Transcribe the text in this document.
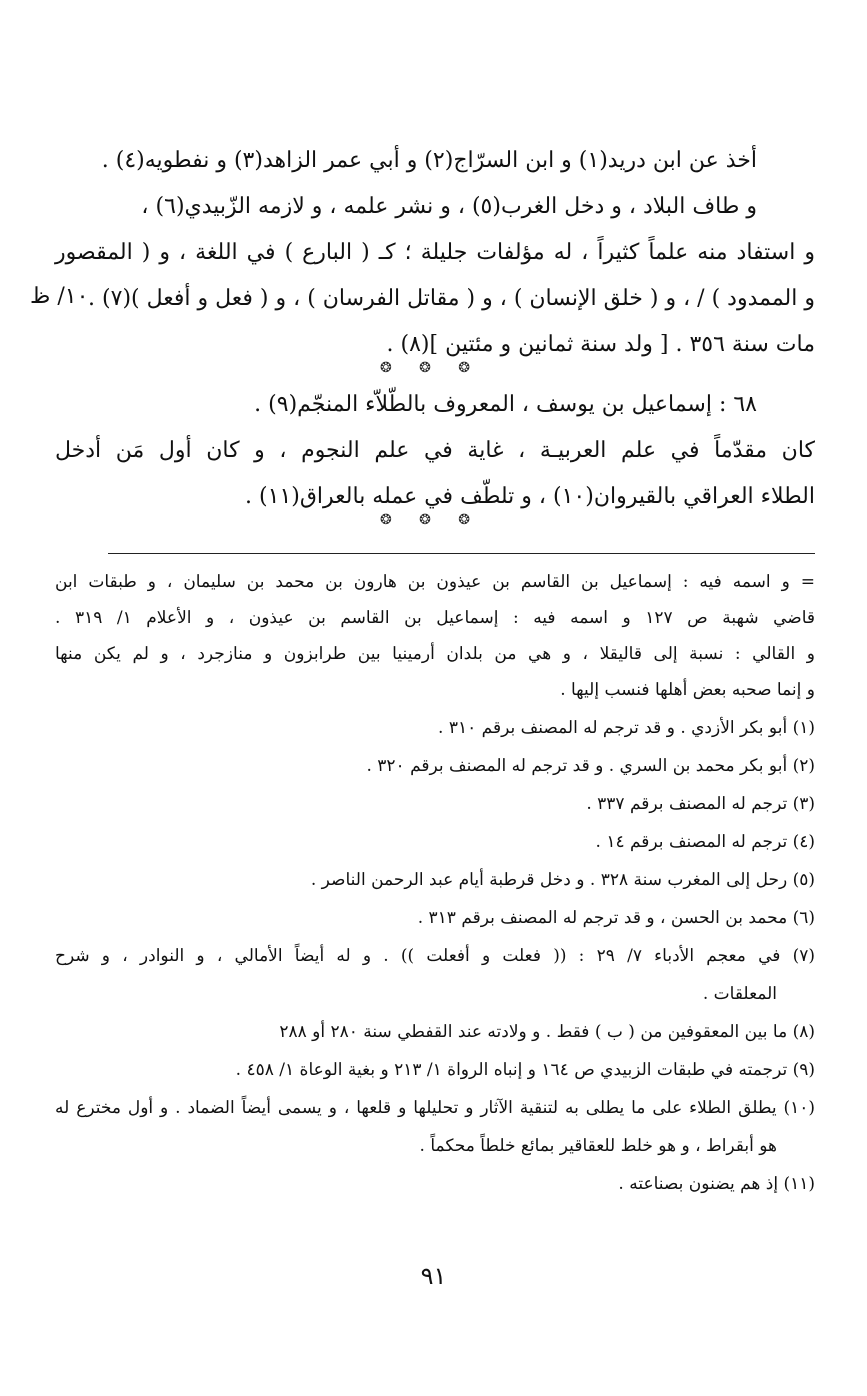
أخذ عن ابن دريد(١) و ابن السرّاج(٢) و أبي عمر الزاهد(٣) و نفطويه(٤) .
و طاف البلاد ، و دخل الغرب(٥) ، و نشر علمه ، و لازمه الزّبيدي(٦) ،
و استفاد منه علماً كثيراً ، له مؤلفات جليلة ؛ كـ ( البارع ) في اللغة ، و ( المقصور
و الممدود ) / ، و ( خلق الإنسان ) ، و ( مقاتل الفرسان ) ، و ( فعل و أفعل )(٧) .
١٠/ ظ
مات سنة ٣٥٦ . [ ولد سنة ثمانين و مئتين ](٨) .
❂ ❂ ❂
٦٨ : إسماعيل بن يوسف ، المعروف بالطّلاّء المنجّم(٩) .
كان مقدّماً في علم العربيـة ، غاية في علم النجوم ، و كان أول مَن أدخل
الطلاء العراقي بالقيروان(١٠) ، و تلطّف في عمله بالعراق(١١) .
❂ ❂ ❂
= و اسمه فيه : إسماعيل بن القاسم بن عيذون بن هارون بن محمد بن سليمان ، و طبقات ابن
قاضي شهبة ص ١٢٧ و اسمه فيه : إسماعيل بن القاسم بن عيذون ، و الأعلام ١/ ٣١٩ .
و القالي : نسبة إلى قاليقلا ، و هي من بلدان أرمينيا بين طرابزون و منازجرد ، و لم يكن منها
و إنما صحبه بعض أهلها فنسب إليها .
(١) أبو بكر الأزدي . و قد ترجم له المصنف برقم ٣١٠ .
(٢) أبو بكر محمد بن السري . و قد ترجم له المصنف برقم ٣٢٠ .
(٣) ترجم له المصنف برقم ٣٣٧ .
(٤) ترجم له المصنف برقم ١٤ .
(٥) رحل إلى المغرب سنة ٣٢٨ . و دخل قرطبة أيام عبد الرحمن الناصر .
(٦) محمد بن الحسن ، و قد ترجم له المصنف برقم ٣١٣ .
(٧) في معجم الأدباء ٧/ ٢٩ : (( فعلت و أفعلت )) . و له أيضاً الأمالي ، و النوادر ، و شرح
المعلقات .
(٨) ما بين المعقوفين من ( ب ) فقط . و ولادته عند القفطي سنة ٢٨٠ أو ٢٨٨
(٩) ترجمته في طبقات الزبيدي ص ١٦٤ و إنباه الرواة ١/ ٢١٣ و بغية الوعاة ١/ ٤٥٨ .
(١٠) يطلق الطلاء على ما يطلى به لتنقية الآثار و تحليلها و قلعها ، و يسمى أيضاً الضماد . و أول مخترع له
هو أبقراط ، و هو خلط للعقاقير بمائع خلطاً محكماً .
(١١) إذ هم يضنون بصناعته .
٩١
